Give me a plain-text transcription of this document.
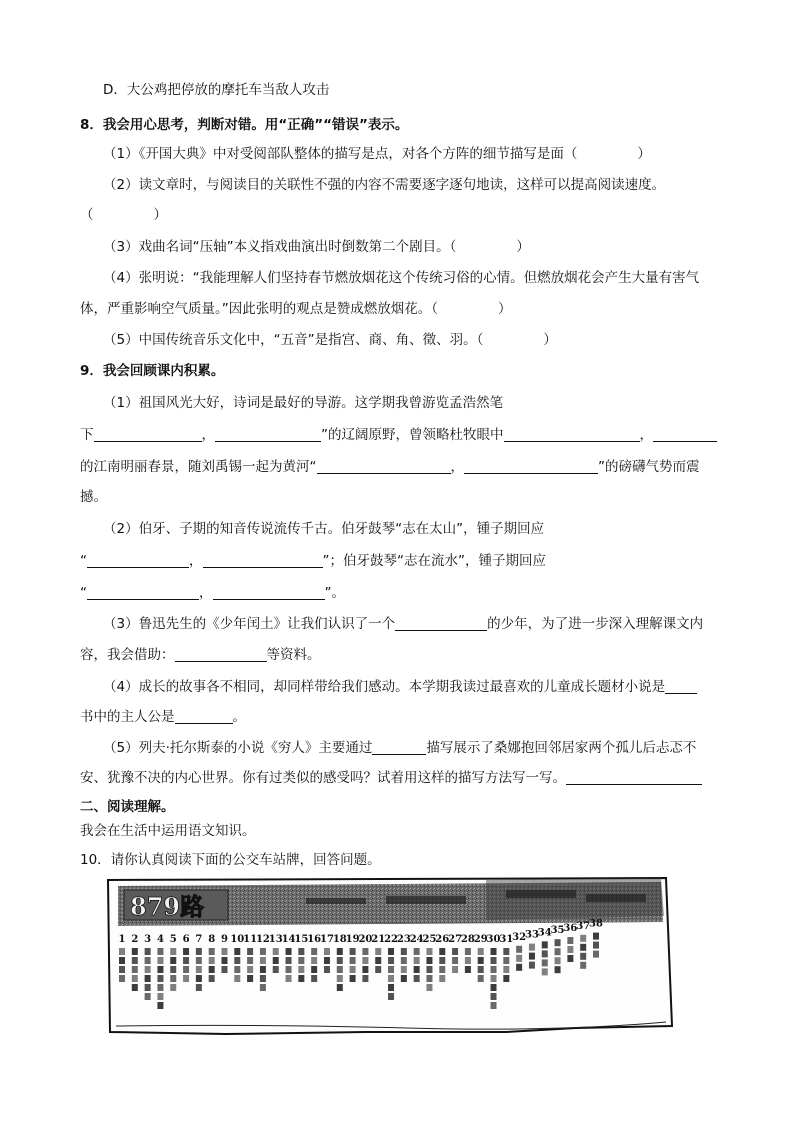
D．大公鸡把停放的摩托车当敌人攻击
8．我会用心思考，判断对错。用“正确”“错误”表示。
（1）《开国大典》中对受阅部队整体的描写是点，对各个方阵的细节描写是面（	）
（2）读文章时，与阅读目的关联性不强的内容不需要逐字逐句地读，这样可以提高阅读速度。
（	）
（3）戏曲名词“压轴”本义指戏曲演出时倒数第二个剧目。（	）
（4）张明说：“我能理解人们坚持春节燃放烟花这个传统习俗的心情。但燃放烟花会产生大量有害气
体，严重影响空气质量。”因此张明的观点是赞成燃放烟花。（	）
（5）中国传统音乐文化中，“五音”是指宫、商、角、徵、羽。（	）
9．我会回顾课内积累。
（1）祖国风光大好，诗词是最好的导游。这学期我曾游览孟浩然笔
下	，	”的辽阔原野，曾领略杜牧眼中	，
的江南明丽春景，随刘禹锡一起为黄河“	，	”的磅礴气势而震
撼。
（2）伯牙、子期的知音传说流传千古。伯牙鼓琴“志在太山”，锺子期回应
“	，	”；伯牙鼓琴“志在流水”，锺子期回应
“	，	”。
（3）鲁迅先生的《少年闰土》让我们认识了一个	的少年，为了进一步深入理解课文内
容，我会借助：	等资料。
（4）成长的故事各不相同，却同样带给我们感动。本学期我读过最喜欢的儿童成长题材小说是
书中的主人公是	。
（5）列夫·托尔斯泰的小说《穷人》主要通过	描写展示了桑娜抱回邻居家两个孤儿后忐忑不
安、犹豫不决的内心世界。你有过类似的感受吗？试着用这样的描写方法写一写。
二、阅读理解。
我会在生活中运用语文知识。
10．请你认真阅读下面的公交车站牌，回答问题。
879路
1 2 3 4 5 6 7 8 9 10
11
12
13
14
15
16
17
18
19
20
21
22
23
24
25
26
27
28
29
30
31
32
33
34
35
36
37
38
